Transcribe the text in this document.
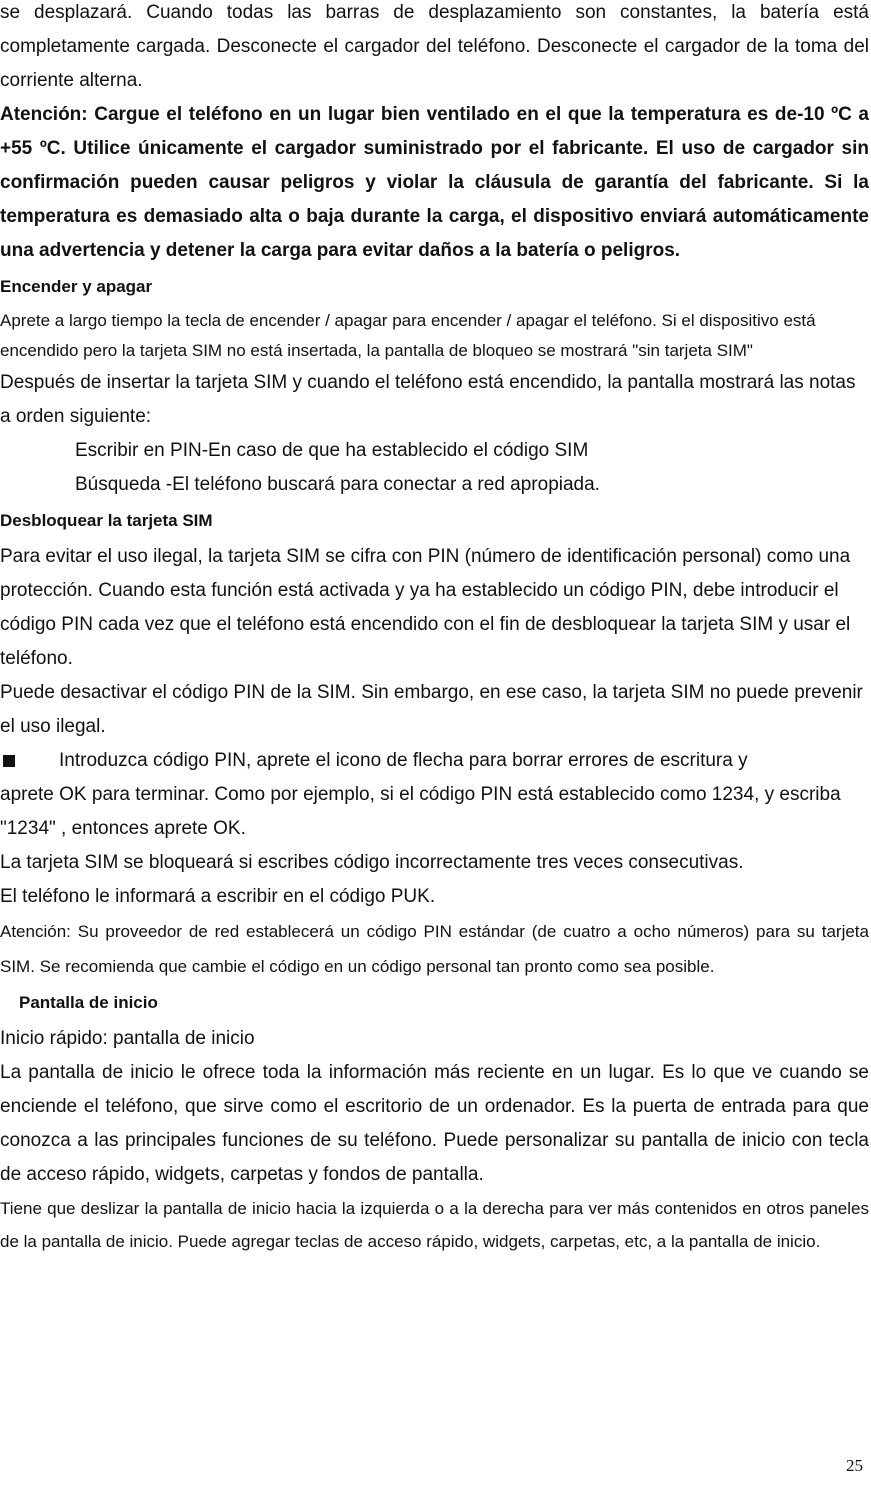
se desplazará. Cuando todas las barras de desplazamiento son constantes, la batería está completamente cargada. Desconecte el cargador del teléfono. Desconecte el cargador de la toma del corriente alterna.

Atención: Cargue el teléfono en un lugar bien ventilado en el que la temperatura es de-10 ºC a +55 ºC. Utilice únicamente el cargador suministrado por el fabricante. El uso de cargador sin confirmación pueden causar peligros y violar la cláusula de garantía del fabricante. Si la temperatura es demasiado alta o baja durante la carga, el dispositivo enviará automáticamente una advertencia y detener la carga para evitar daños a la batería o peligros.

Encender y apagar

Aprete a largo tiempo la tecla de encender / apagar para encender / apagar el teléfono. Si el dispositivo está encendido pero la tarjeta SIM no está insertada, la pantalla de bloqueo se mostrará "sin tarjeta SIM"

Después de insertar la tarjeta SIM y cuando el teléfono está encendido, la pantalla mostrará las notas a orden siguiente:

Escribir en PIN-En caso de que ha establecido el código SIM

Búsqueda -El teléfono buscará para conectar a red apropiada.

Desbloquear la tarjeta SIM

Para evitar el uso ilegal, la tarjeta SIM se cifra con PIN (número de identificación personal) como una protección. Cuando esta función está activada y ya ha establecido un código PIN, debe introducir el código PIN cada vez que el teléfono está encendido con el fin de desbloquear la tarjeta SIM y usar el teléfono.

Puede desactivar el código PIN de la SIM. Sin embargo, en ese caso, la tarjeta SIM no puede prevenir el uso ilegal.

Introduzca código PIN, aprete el icono de flecha para borrar errores de escritura y

aprete OK para terminar. Como por ejemplo, si el código PIN está establecido como 1234, y escriba "1234" , entonces aprete OK.

La tarjeta SIM se bloqueará si escribes código incorrectamente tres veces consecutivas.

El teléfono le informará a escribir en el código PUK.

Atención: Su proveedor de red establecerá un código PIN estándar (de cuatro a ocho números) para su tarjeta SIM. Se recomienda que cambie el código en un código personal tan pronto como sea posible.

Pantalla de inicio

Inicio rápido: pantalla de inicio

La pantalla de inicio le ofrece toda la información más reciente en un lugar. Es lo que ve cuando se enciende el teléfono, que sirve como el escritorio de un ordenador. Es la puerta de entrada para que conozca a las principales funciones de su teléfono. Puede personalizar su pantalla de inicio con tecla de acceso rápido, widgets, carpetas y fondos de pantalla.

Tiene que deslizar la pantalla de inicio hacia la izquierda o a la derecha para ver más contenidos en otros paneles de la pantalla de inicio. Puede agregar teclas de acceso rápido, widgets, carpetas, etc, a la pantalla de inicio.

25
